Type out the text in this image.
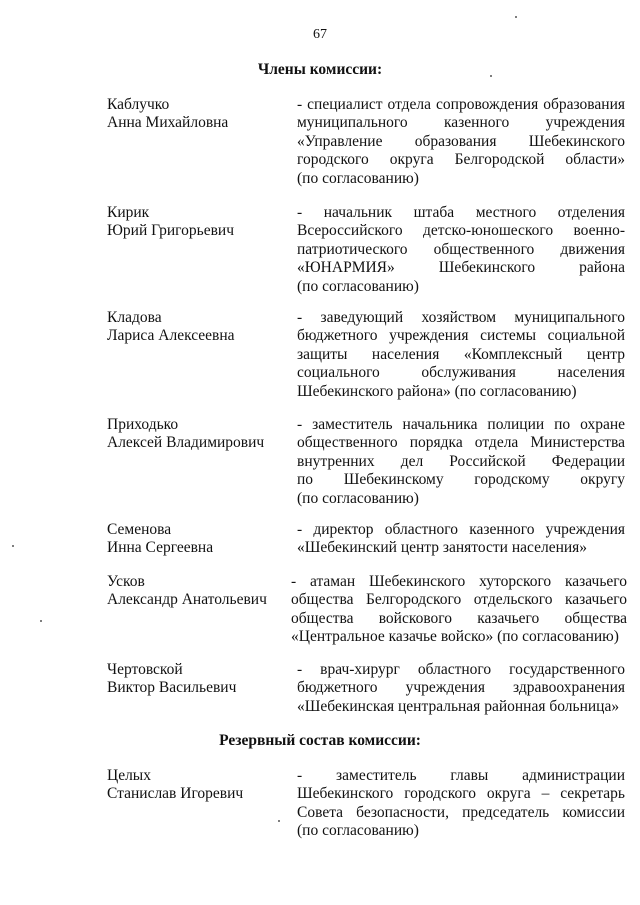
67
Члены комиссии:
Каблучко
Анна Михайловна
- специалист отдела сопровождения образования
муниципального казенного учреждения
«Управление образования Шебекинского
городского округа Белгородской области»
(по согласованию)
Кирик
Юрий Григорьевич
- начальник штаба местного отделения
Всероссийского детско-юношеского военно-
патриотического общественного движения
«ЮНАРМИЯ» Шебекинского района
(по согласованию)
Кладова
Лариса Алексеевна
- заведующий хозяйством муниципального
бюджетного учреждения системы социальной
защиты населения «Комплексный центр
социального обслуживания населения
Шебекинского района» (по согласованию)
Приходько
Алексей Владимирович
- заместитель начальника полиции по охране
общественного порядка отдела Министерства
внутренних дел Российской Федерации
по Шебекинскому городскому округу
(по согласованию)
Семенова
Инна Сергеевна
- директор областного казенного учреждения
«Шебекинский центр занятости населения»
Усков
Александр Анатольевич
- атаман Шебекинского хуторского казачьего
общества Белгородского отдельского казачьего
общества войскового казачьего общества
«Центральное казачье войско» (по согласованию)
Чертовской
Виктор Васильевич
- врач-хирург областного государственного
бюджетного учреждения здравоохранения
«Шебекинская центральная районная больница»
Резервный состав комиссии:
Целых
Станислав Игоревич
- заместитель главы администрации
Шебекинского городского округа – секретарь
Совета безопасности, председатель комиссии
(по согласованию)
